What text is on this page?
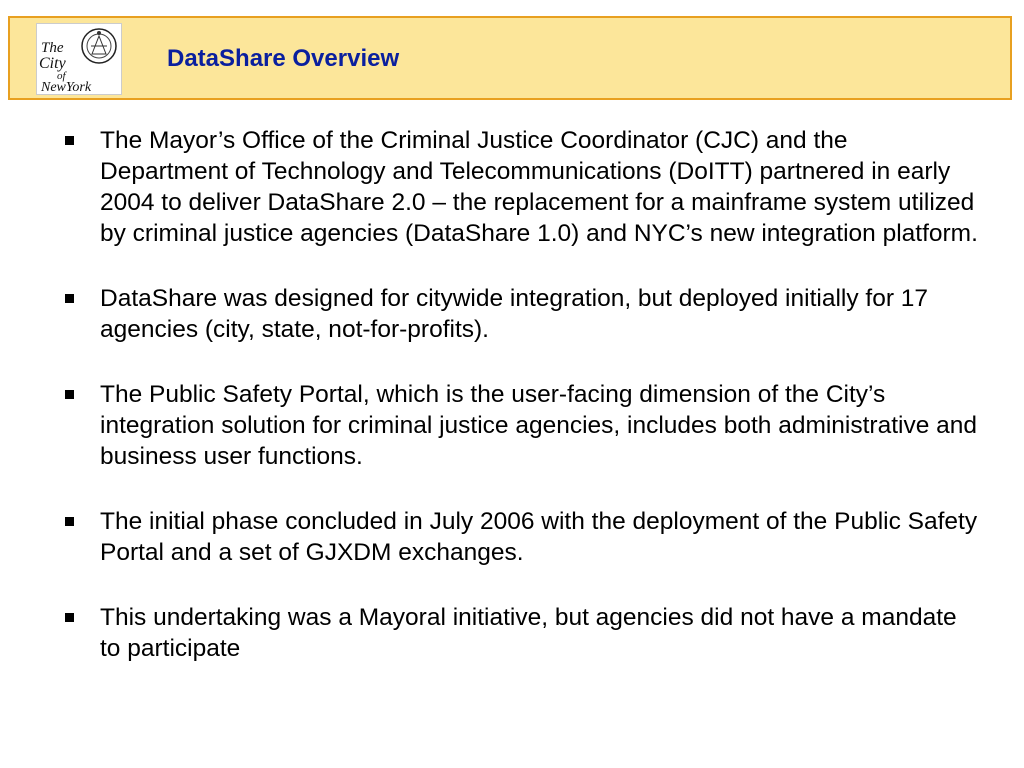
The
City
of
NewYork
DataShare Overview
The Mayor’s Office of the Criminal Justice Coordinator (CJC) and the Department of Technology and Telecommunications (DoITT) partnered in early 2004 to deliver DataShare 2.0 – the replacement for a mainframe system utilized by criminal justice agencies (DataShare 1.0) and NYC’s new integration platform.
DataShare was designed for citywide integration, but deployed initially for 17 agencies (city, state, not-for-profits).
The Public Safety Portal, which is the user-facing dimension of the City’s integration solution for criminal justice agencies, includes both administrative and business user functions.
The initial phase concluded in July 2006 with the deployment of the Public Safety Portal and a set of GJXDM exchanges.
This undertaking was a Mayoral initiative, but agencies did not have a mandate to participate
